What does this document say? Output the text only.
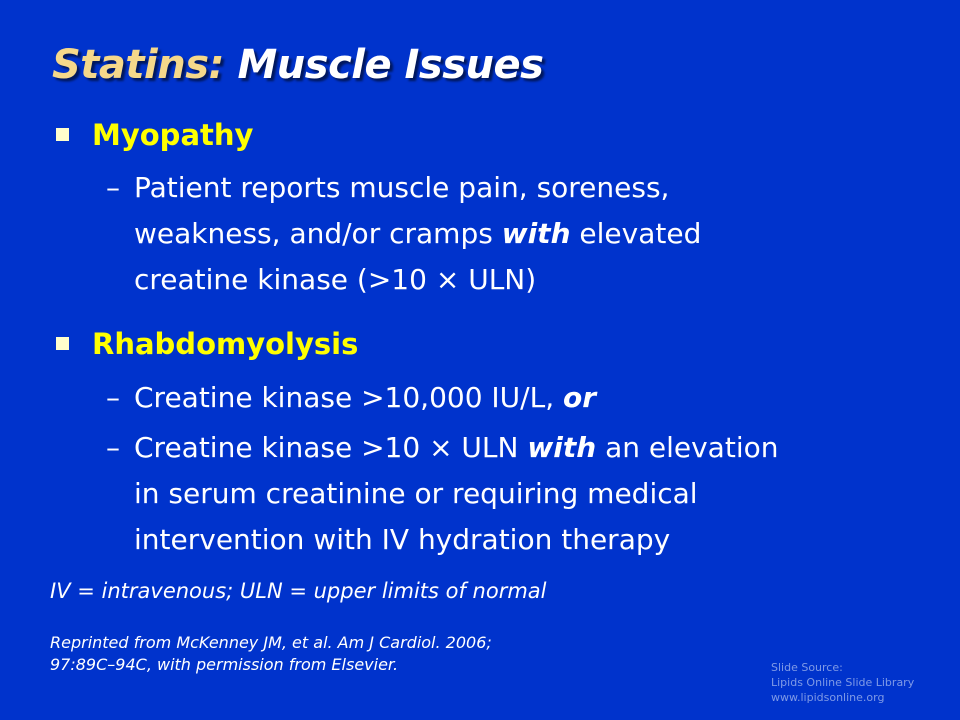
Statins: Muscle Issues
Myopathy
– Patient reports muscle pain, soreness,
weakness, and/or cramps with elevated
creatine kinase (>10 × ULN)
Rhabdomyolysis
– Creatine kinase >10,000 IU/L, or
– Creatine kinase >10 × ULN with an elevation
in serum creatinine or requiring medical
intervention with IV hydration therapy
IV = intravenous; ULN = upper limits of normal
Reprinted from McKenney JM, et al. Am J Cardiol. 2006;
97:89C–94C, with permission from Elsevier.	Slide Source:
Lipids Online Slide Library
www.lipidsonline.org
